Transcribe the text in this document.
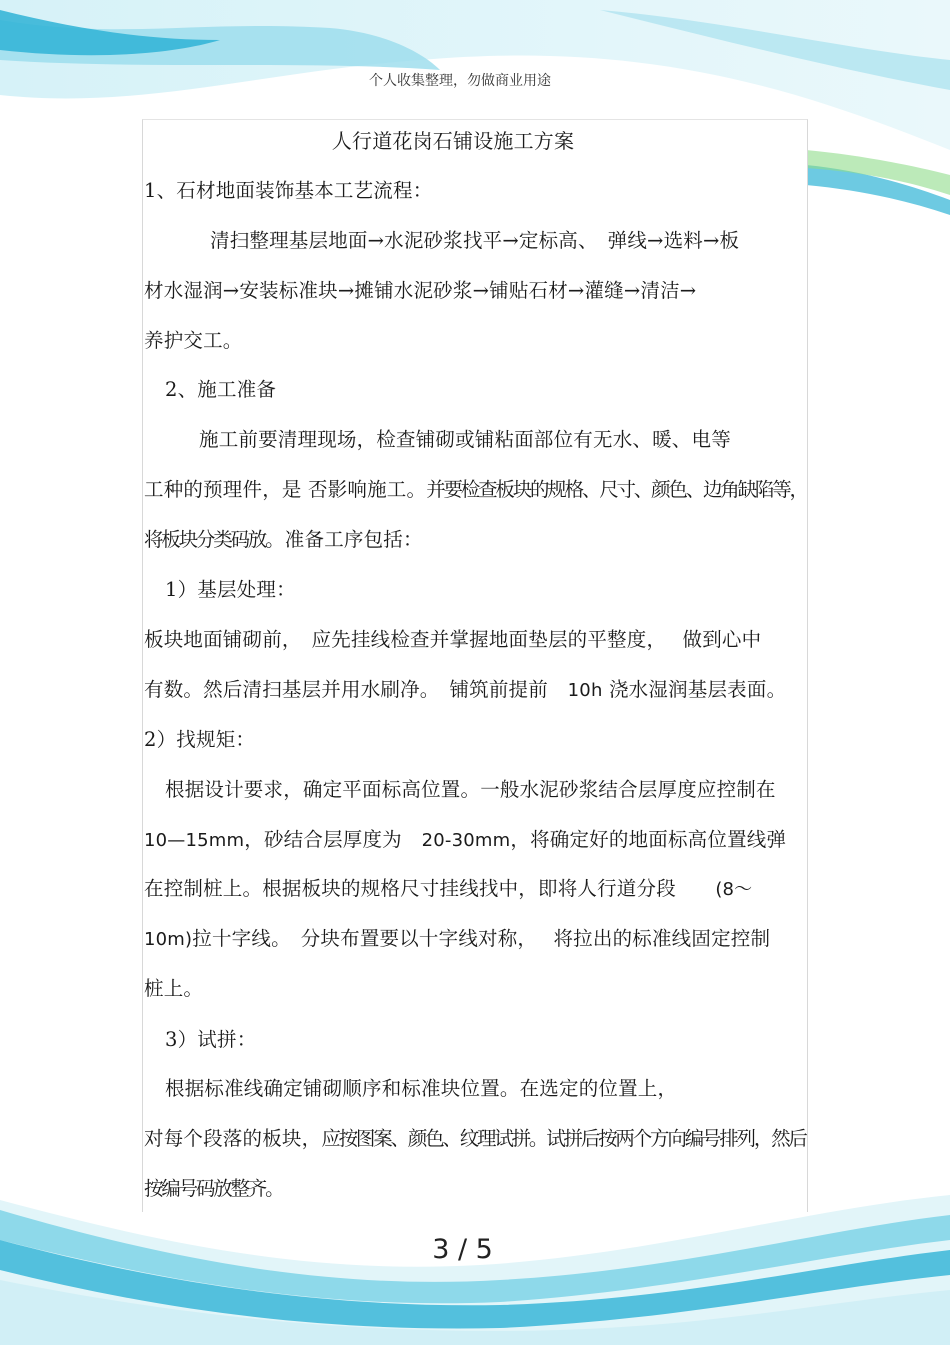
个人收集整理，勿做商业用途
人行道花岗石铺设施工方案
1、石材地面装饰基本工艺流程：
清扫整理基层地面→水泥砂浆找平→定标高、　弹线→选料→板
材水湿润→安装标准块→摊铺水泥砂浆→铺贴石材→灌缝→清洁→
养护交工。
2、施工准备
施工前要清理现场，检查铺砌或铺粘面部位有无水、暖、电等
工种的预理件，是 否影响施工。并要检查板块的规格、尺寸、颜色、边角缺陷等，
将板块分类码放。准备工序包括：
1）基层处理：
板块地面铺砌前，　应先挂线检查并掌握地面垫层的平整度，　 做到心中
有数。然后清扫基层并用水刷净。　铺筑前提前　10h 浇水湿润基层表面。
2）找规矩：
根据设计要求，确定平面标高位置。一般水泥砂浆结合层厚度应控制在
10—15mm，砂结合层厚度为　20-30mm，将确定好的地面标高位置线弹
在控制桩上。根据板块的规格尺寸挂线找中，即将人行道分段　　(8～
10m)拉十字线。　分块布置要以十字线对称，　 将拉出的标准线固定控制
桩上。
3）试拼：
根据标准线确定铺砌顺序和标准块位置。在选定的位置上，
对每个段落的板块，应按图案、颜色、纹理试拼。试拼后按两个方向编号排列，然后
按编号码放整齐。
3 / 5
